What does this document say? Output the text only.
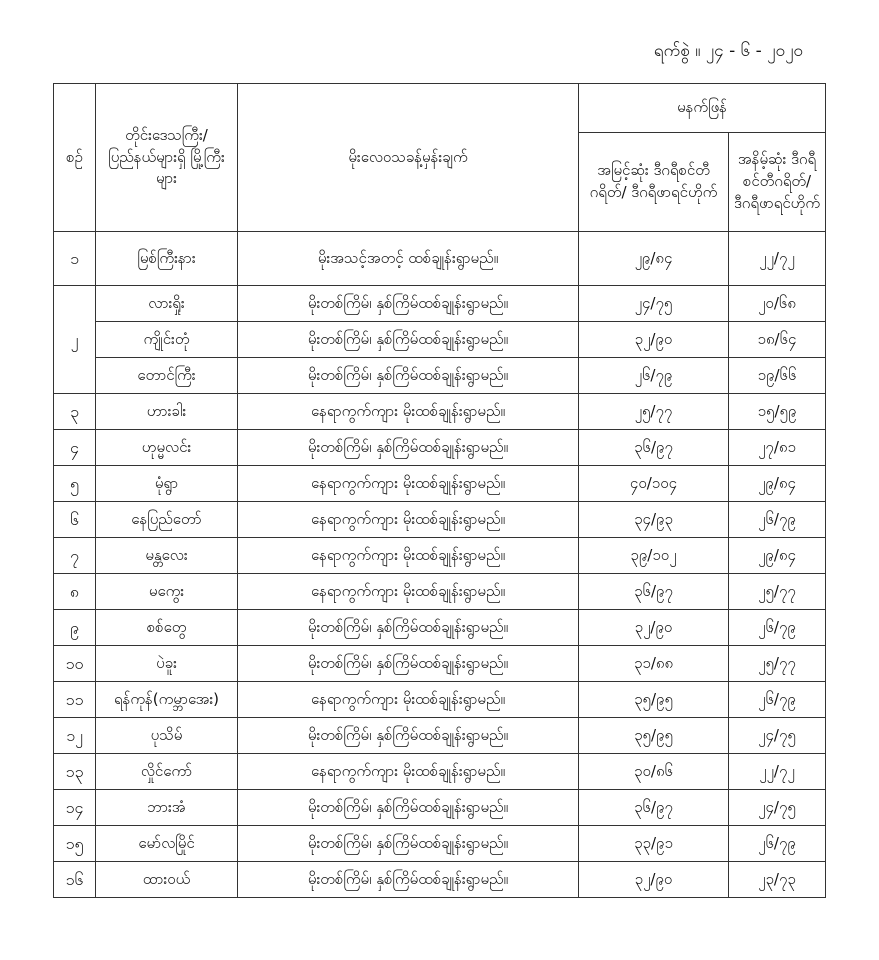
ရက်စွဲ ။ ၂၄ - ၆ - ၂၀၂၀
စဉ်	တိုင်းဒေသကြီး/ ပြည်နယ်များရှိ မြို့ကြီးများ	မိုးလေဝသခန့်မှန်းချက်	မနက်ဖြန်	
			အမြင့်ဆုံး ဒီဂရီစင်တီဂရိတ်/ ဒီဂရီဖာရင်ဟိုက်	အနိမ့်ဆုံး ဒီဂရီစင်တီဂရိတ်/ ဒီဂရီဖာရင်ဟိုက်
၁	မြစ်ကြီးနား	မိုးအသင့်အတင့် ထစ်ချုန်းရွာမည်။	၂၉/၈၄	၂၂/၇၂
၂	လားရှိုး	မိုးတစ်ကြိမ်၊ နှစ်ကြိမ်ထစ်ချုန်းရွာမည်။	၂၄/၇၅	၂၀/၆၈
	ကျိုင်းတုံ	မိုးတစ်ကြိမ်၊ နှစ်ကြိမ်ထစ်ချုန်းရွာမည်။	၃၂/၉၀	၁၈/၆၄
	တောင်ကြီး	မိုးတစ်ကြိမ်၊ နှစ်ကြိမ်ထစ်ချုန်းရွာမည်။	၂၆/၇၉	၁၉/၆၆
၃	ဟားခါး	နေရာကွက်ကျား မိုးထစ်ချုန်းရွာမည်။	၂၅/၇၇	၁၅/၅၉
၄	ဟုမ္မလင်း	မိုးတစ်ကြိမ်၊ နှစ်ကြိမ်ထစ်ချုန်းရွာမည်။	၃၆/၉၇	၂၇/၈၁
၅	မုံရွာ	နေရာကွက်ကျား မိုးထစ်ချုန်းရွာမည်။	၄၀/၁၀၄	၂၉/၈၄
၆	နေပြည်တော်	နေရာကွက်ကျား မိုးထစ်ချုန်းရွာမည်။	၃၄/၉၃	၂၆/၇၉
၇	မန္တလေး	နေရာကွက်ကျား မိုးထစ်ချုန်းရွာမည်။	၃၉/၁၀၂	၂၉/၈၄
၈	မကွေး	နေရာကွက်ကျား မိုးထစ်ချုန်းရွာမည်။	၃၆/၉၇	၂၅/၇၇
၉	စစ်တွေ	မိုးတစ်ကြိမ်၊ နှစ်ကြိမ်ထစ်ချုန်းရွာမည်။	၃၂/၉၀	၂၆/၇၉
၁၀	ပဲခူး	မိုးတစ်ကြိမ်၊ နှစ်ကြိမ်ထစ်ချုန်းရွာမည်။	၃၁/၈၈	၂၅/၇၇
၁၁	ရန်ကုန်(ကမ္ဘာအေး)	နေရာကွက်ကျား မိုးထစ်ချုန်းရွာမည်။	၃၅/၉၅	၂၆/၇၉
၁၂	ပုသိမ်	မိုးတစ်ကြိမ်၊ နှစ်ကြိမ်ထစ်ချုန်းရွာမည်။	၃၅/၉၅	၂၄/၇၅
၁၃	လှိုင်ကော်	နေရာကွက်ကျား မိုးထစ်ချုန်းရွာမည်။	၃၀/၈၆	၂၂/၇၂
၁၄	ဘားအံ	မိုးတစ်ကြိမ်၊ နှစ်ကြိမ်ထစ်ချုန်းရွာမည်။	၃၆/၉၇	၂၄/၇၅
၁၅	မော်လမြိုင်	မိုးတစ်ကြိမ်၊ နှစ်ကြိမ်ထစ်ချုန်းရွာမည်။	၃၃/၉၁	၂၆/၇၉
၁၆	ထားဝယ်	မိုးတစ်ကြိမ်၊ နှစ်ကြိမ်ထစ်ချုန်းရွာမည်။	၃၂/၉၀	၂၃/၇၃
